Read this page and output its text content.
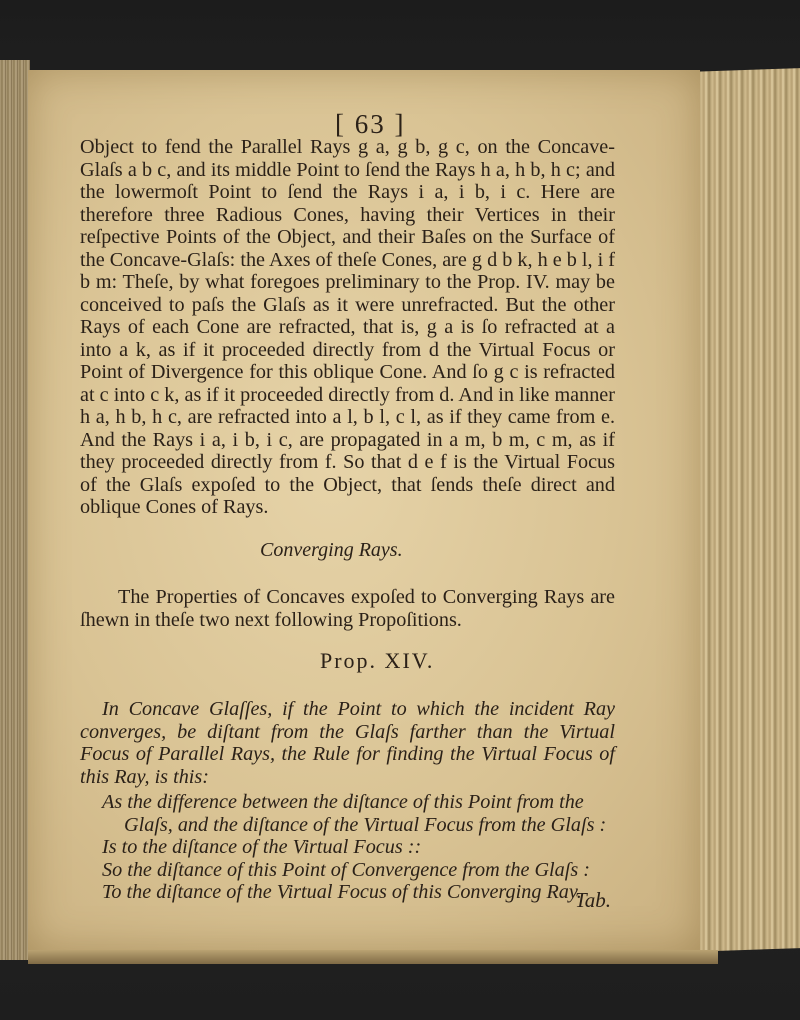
[ 63 ]
Object to fend the Parallel Rays g a, g b, g c, on the Concave-Glaſs a b c, and its middle Point to ſend the Rays h a, h b, h c; and the lowermoſt Point to ſend the Rays i a, i b, i c. Here are therefore three Radious Cones, having their Vertices in their reſpective Points of the Object, and their Baſes on the Surface of the Concave-Glaſs: the Axes of theſe Cones, are g d b k, h e b l, i f b m: Theſe, by what foregoes preliminary to the Prop. IV. may be conceived to paſs the Glaſs as it were unrefracted. But the other Rays of each Cone are refracted, that is, g a is ſo refracted at a into a k, as if it proceeded directly from d the Virtual Focus or Point of Divergence for this oblique Cone. And ſo g c is refracted at c into c k, as if it proceeded directly from d. And in like manner h a, h b, h c, are refracted into a l, b l, c l, as if they came from e. And the Rays i a, i b, i c, are propagated in a m, b m, c m, as if they proceeded directly from f. So that d e f is the Virtual Focus of the Glaſs expoſed to the Object, that ſends theſe direct and oblique Cones of Rays.
Converging Rays.
The Properties of Concaves expoſed to Converging Rays are ſhewn in theſe two next following Propoſitions.
Prop. XIV.
In Concave Glaſſes, if the Point to which the incident Ray converges, be diſtant from the Glaſs farther than the Virtual Focus of Parallel Rays, the Rule for finding the Virtual Focus of this Ray, is this:
As the difference between the diſtance of this Point from the
Glaſs, and the diſtance of the Virtual Focus from the Glaſs :
Is to the diſtance of the Virtual Focus ::
So the diſtance of this Point of Convergence from the Glaſs :
To the diſtance of the Virtual Focus of this Converging Ray.
Tab.
